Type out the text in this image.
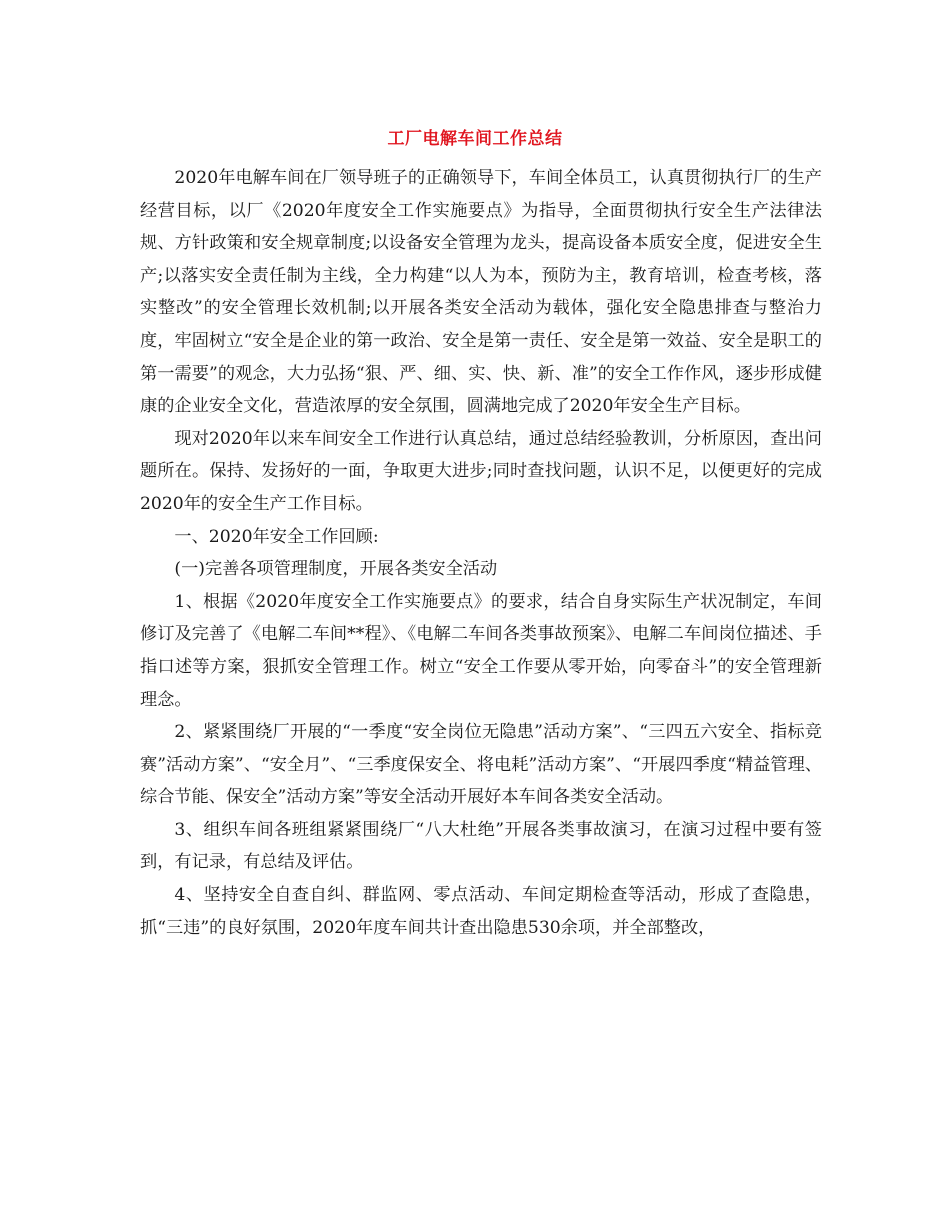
工厂电解车间工作总结

2020年电解车间在厂领导班子的正确领导下，车间全体员工，认真贯彻执行厂的生产经营目标，以厂《2020年度安全工作实施要点》为指导，全面贯彻执行安全生产法律法规、方针政策和安全规章制度;以设备安全管理为龙头，提高设备本质安全度，促进安全生产;以落实安全责任制为主线，全力构建“以人为本，预防为主，教育培训，检查考核，落实整改”的安全管理长效机制;以开展各类安全活动为载体，强化安全隐患排查与整治力度，牢固树立“安全是企业的第一政治、安全是第一责任、安全是第一效益、安全是职工的第一需要”的观念，大力弘扬“狠、严、细、实、快、新、准”的安全工作作风，逐步形成健康的企业安全文化，营造浓厚的安全氛围，圆满地完成了2020年安全生产目标。

现对2020年以来车间安全工作进行认真总结，通过总结经验教训，分析原因，查出问题所在。保持、发扬好的一面，争取更大进步;同时查找问题，认识不足，以便更好的完成2020年的安全生产工作目标。

一、2020年安全工作回顾:

(一)完善各项管理制度，开展各类安全活动

1、根据《2020年度安全工作实施要点》的要求，结合自身实际生产状况制定，车间修订及完善了《电解二车间**程》、《电解二车间各类事故预案》、电解二车间岗位描述、手指口述等方案，狠抓安全管理工作。树立“安全工作要从零开始，向零奋斗”的安全管理新理念。

2、紧紧围绕厂开展的“一季度“安全岗位无隐患”活动方案”、“三四五六安全、指标竞赛”活动方案”、“安全月”、“三季度保安全、将电耗”活动方案”、“开展四季度“精益管理、综合节能、保安全”活动方案”等安全活动开展好本车间各类安全活动。

3、组织车间各班组紧紧围绕厂“八大杜绝”开展各类事故演习，在演习过程中要有签到，有记录，有总结及评估。

4、坚持安全自查自纠、群监网、零点活动、车间定期检查等活动，形成了查隐患，抓“三违”的良好氛围，2020年度车间共计查出隐患530余项，并全部整改，
